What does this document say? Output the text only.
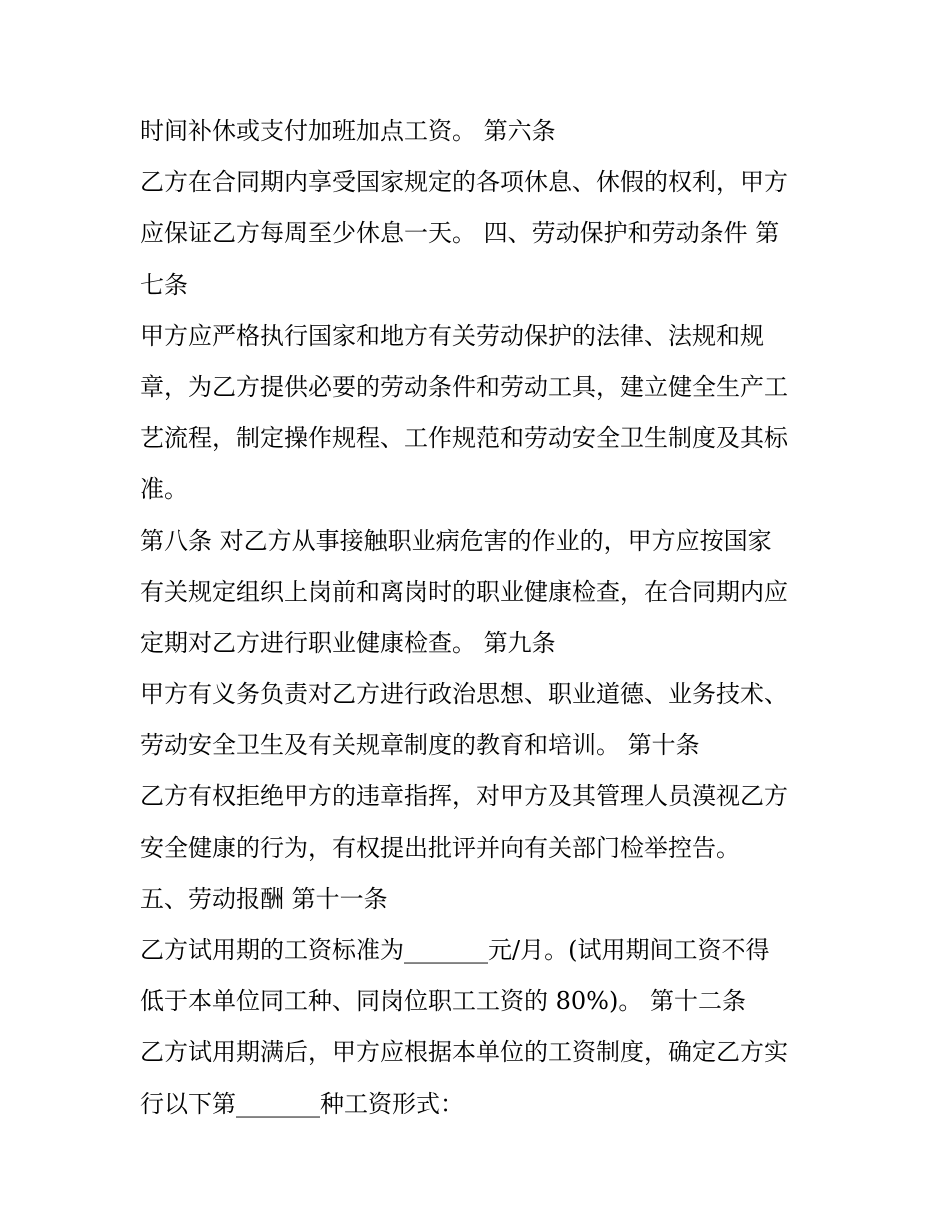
时间补休或支付加班加点工资。 第六条
乙方在合同期内享受国家规定的各项休息、休假的权利，甲方
应保证乙方每周至少休息一天。 四、劳动保护和劳动条件 第
七条
甲方应严格执行国家和地方有关劳动保护的法律、法规和规
章，为乙方提供必要的劳动条件和劳动工具，建立健全生产工
艺流程，制定操作规程、工作规范和劳动安全卫生制度及其标
准。
第八条 对乙方从事接触职业病危害的作业的，甲方应按国家
有关规定组织上岗前和离岗时的职业健康检查，在合同期内应
定期对乙方进行职业健康检查。 第九条
甲方有义务负责对乙方进行政治思想、职业道德、业务技术、
劳动安全卫生及有关规章制度的教育和培训。 第十条
乙方有权拒绝甲方的违章指挥，对甲方及其管理人员漠视乙方
安全健康的行为，有权提出批评并向有关部门检举控告。
五、劳动报酬 第十一条
乙方试用期的工资标准为_______元/月。(试用期间工资不得
低于本单位同工种、同岗位职工工资的 80%)。 第十二条
乙方试用期满后，甲方应根据本单位的工资制度，确定乙方实
行以下第_______种工资形式：
